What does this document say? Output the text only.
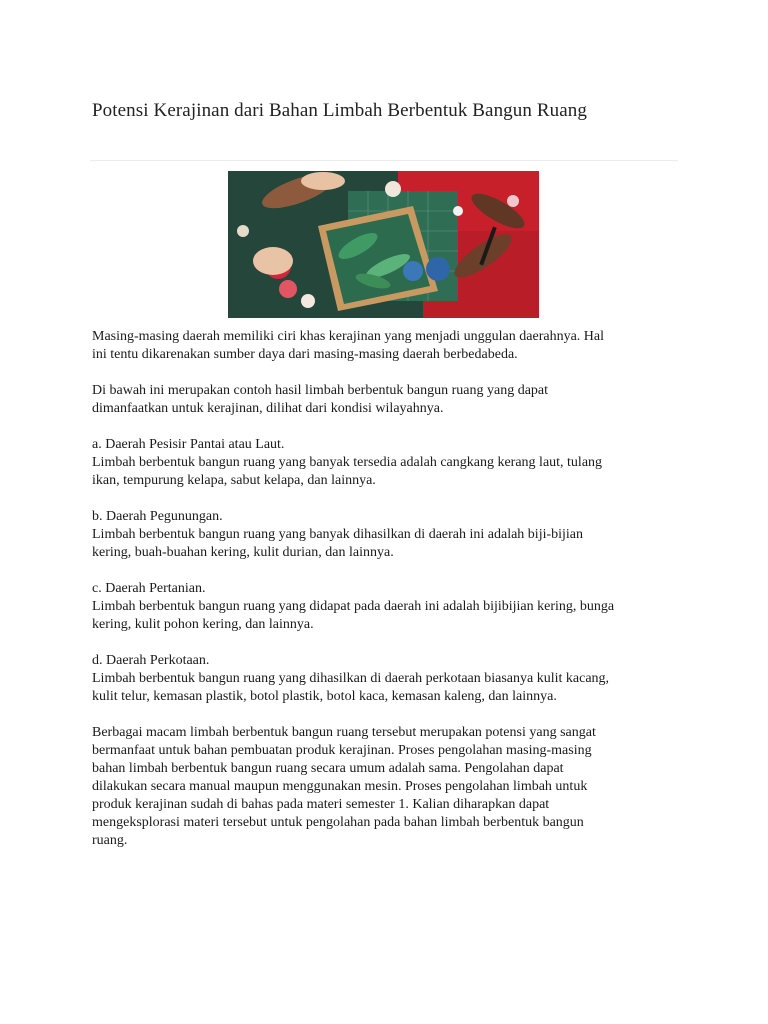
Potensi Kerajinan dari Bahan Limbah Berbentuk Bangun Ruang

Masing-masing daerah memiliki ciri khas kerajinan yang menjadi unggulan daerahnya. Hal
ini tentu dikarenakan sumber daya dari masing-masing daerah berbedabeda.

Di bawah ini merupakan contoh hasil limbah berbentuk bangun ruang yang dapat
dimanfaatkan untuk kerajinan, dilihat dari kondisi wilayahnya.

a. Daerah Pesisir Pantai atau Laut.
Limbah berbentuk bangun ruang yang banyak tersedia adalah cangkang kerang laut, tulang
ikan, tempurung kelapa, sabut kelapa, dan lainnya.

b. Daerah Pegunungan.
Limbah berbentuk bangun ruang yang banyak dihasilkan di daerah ini adalah biji-bijian
kering, buah-buahan kering, kulit durian, dan lainnya.

c. Daerah Pertanian.
Limbah berbentuk bangun ruang yang didapat pada daerah ini adalah bijibijian kering, bunga
kering, kulit pohon kering, dan lainnya.

d. Daerah Perkotaan.
Limbah berbentuk bangun ruang yang dihasilkan di daerah perkotaan biasanya kulit kacang,
kulit telur, kemasan plastik, botol plastik, botol kaca, kemasan kaleng, dan lainnya.

Berbagai macam limbah berbentuk bangun ruang tersebut merupakan potensi yang sangat
bermanfaat untuk bahan pembuatan produk kerajinan. Proses pengolahan masing-masing
bahan limbah berbentuk bangun ruang secara umum adalah sama. Pengolahan dapat
dilakukan secara manual maupun menggunakan mesin. Proses pengolahan limbah untuk
produk kerajinan sudah di bahas pada materi semester 1. Kalian diharapkan dapat
mengeksplorasi materi tersebut untuk pengolahan pada bahan limbah berbentuk bangun
ruang.
